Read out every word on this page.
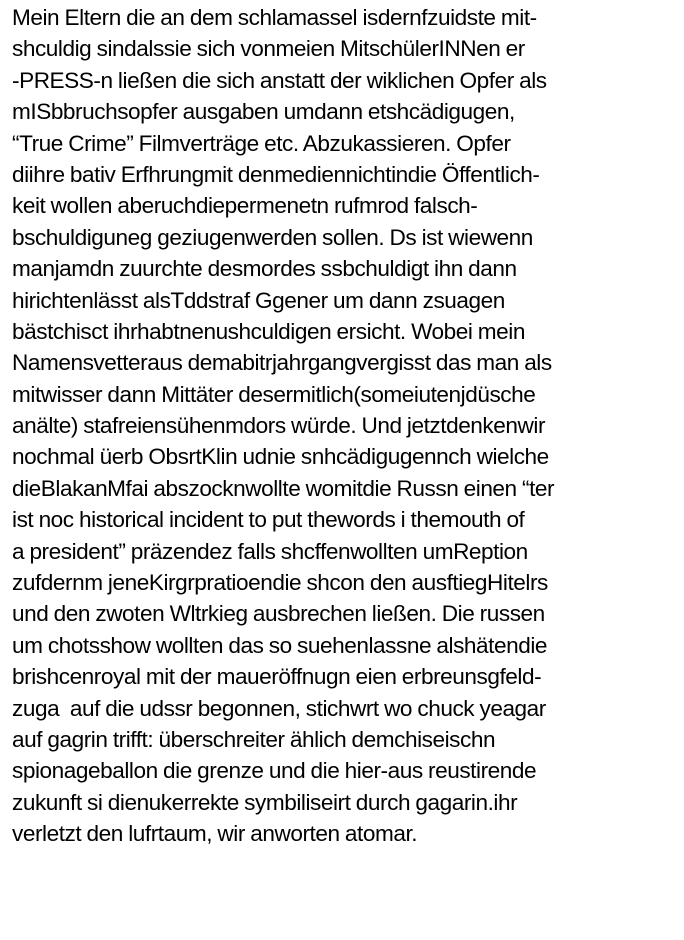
Mein Eltern die an dem schlamassel isdernfzuidste mit-
shculdig sindalssie sich vonmeien MitschülerINNen er
-PRESS-n ließen die sich anstatt der wiklichen Opfer als
mISbbruchsopfer ausgaben umdann etshcädigugen,
“True Crime” Filmverträge etc. Abzukassieren. Opfer
diihre bativ Erfhrungmit denmediennichtindie Öffentlich-
keit wollen aberuchdiepermenetn rufmrod falsch-
bschuldiguneg geziugenwerden sollen. Ds ist wiewenn
manjamdn zuurchte desmordes ssbchuldigt ihn dann
hirichtenlässt alsTddstraf Ggener um dann zsuagen
bästchisct ihrhabtnenushculdigen ersicht. Wobei mein
Namensvetteraus demabitrjahrgangvergisst das man als
mitwisser dann Mittäter desermitlich(someiutenjdüsche
anälte) stafreiensühenmdors würde. Und jetztdenkenwir
nochmal üerb ObsrtKlin udnie snhcädigugennch wielche
dieBlakanMfai abszocknwollte womitdie Russn einen “ter
ist noc historical incident to put thewords i themouth of
a president” präzendez falls shcffenwollten umReption
zufdernm jeneKirgrpratioendie shcon den ausftiegHitelrs
und den zwoten Wltrkieg ausbrechen ließen. Die russen
um chotsshow wollten das so suehenlassne alshätendie
brishcenroyal mit der maueröffnugn eien erbreunsgfeld-
zuga  auf die udssr begonnen, stichwrt wo chuck yeagar
auf gagrin trifft: überschreiter ählich demchiseischn
spionageballon die grenze und die hier-aus reustirende
zukunft si dienukerrekte symbiliseirt durch gagarin.ihr
verletzt den lufrtaum, wir anworten atomar.
